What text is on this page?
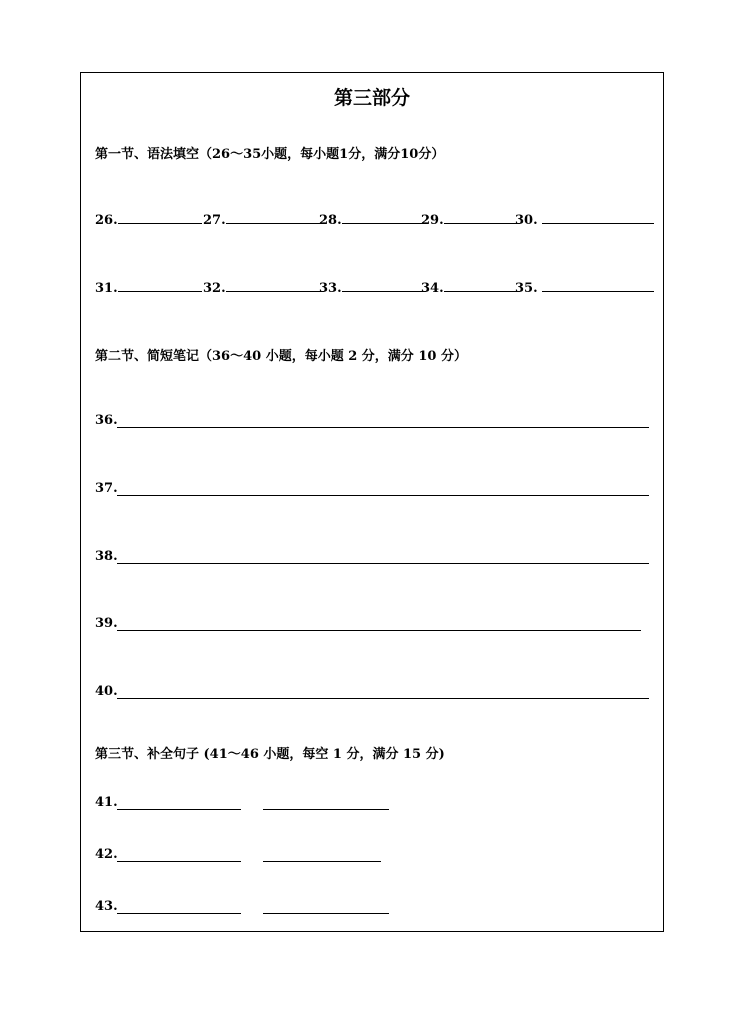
第三部分
第一节、语法填空（26～35小题，每小题1分，满分10分）
26.	27.	28.	29.	30.
31.	32.	33.	34.	35.
第二节、简短笔记（36～40 小题，每小题 2 分，满分 10 分）
36.
37.
38.
39.
40.
第三节、补全句子 (41～46 小题，每空 1 分，满分 15 分)
41.
42.
43.
